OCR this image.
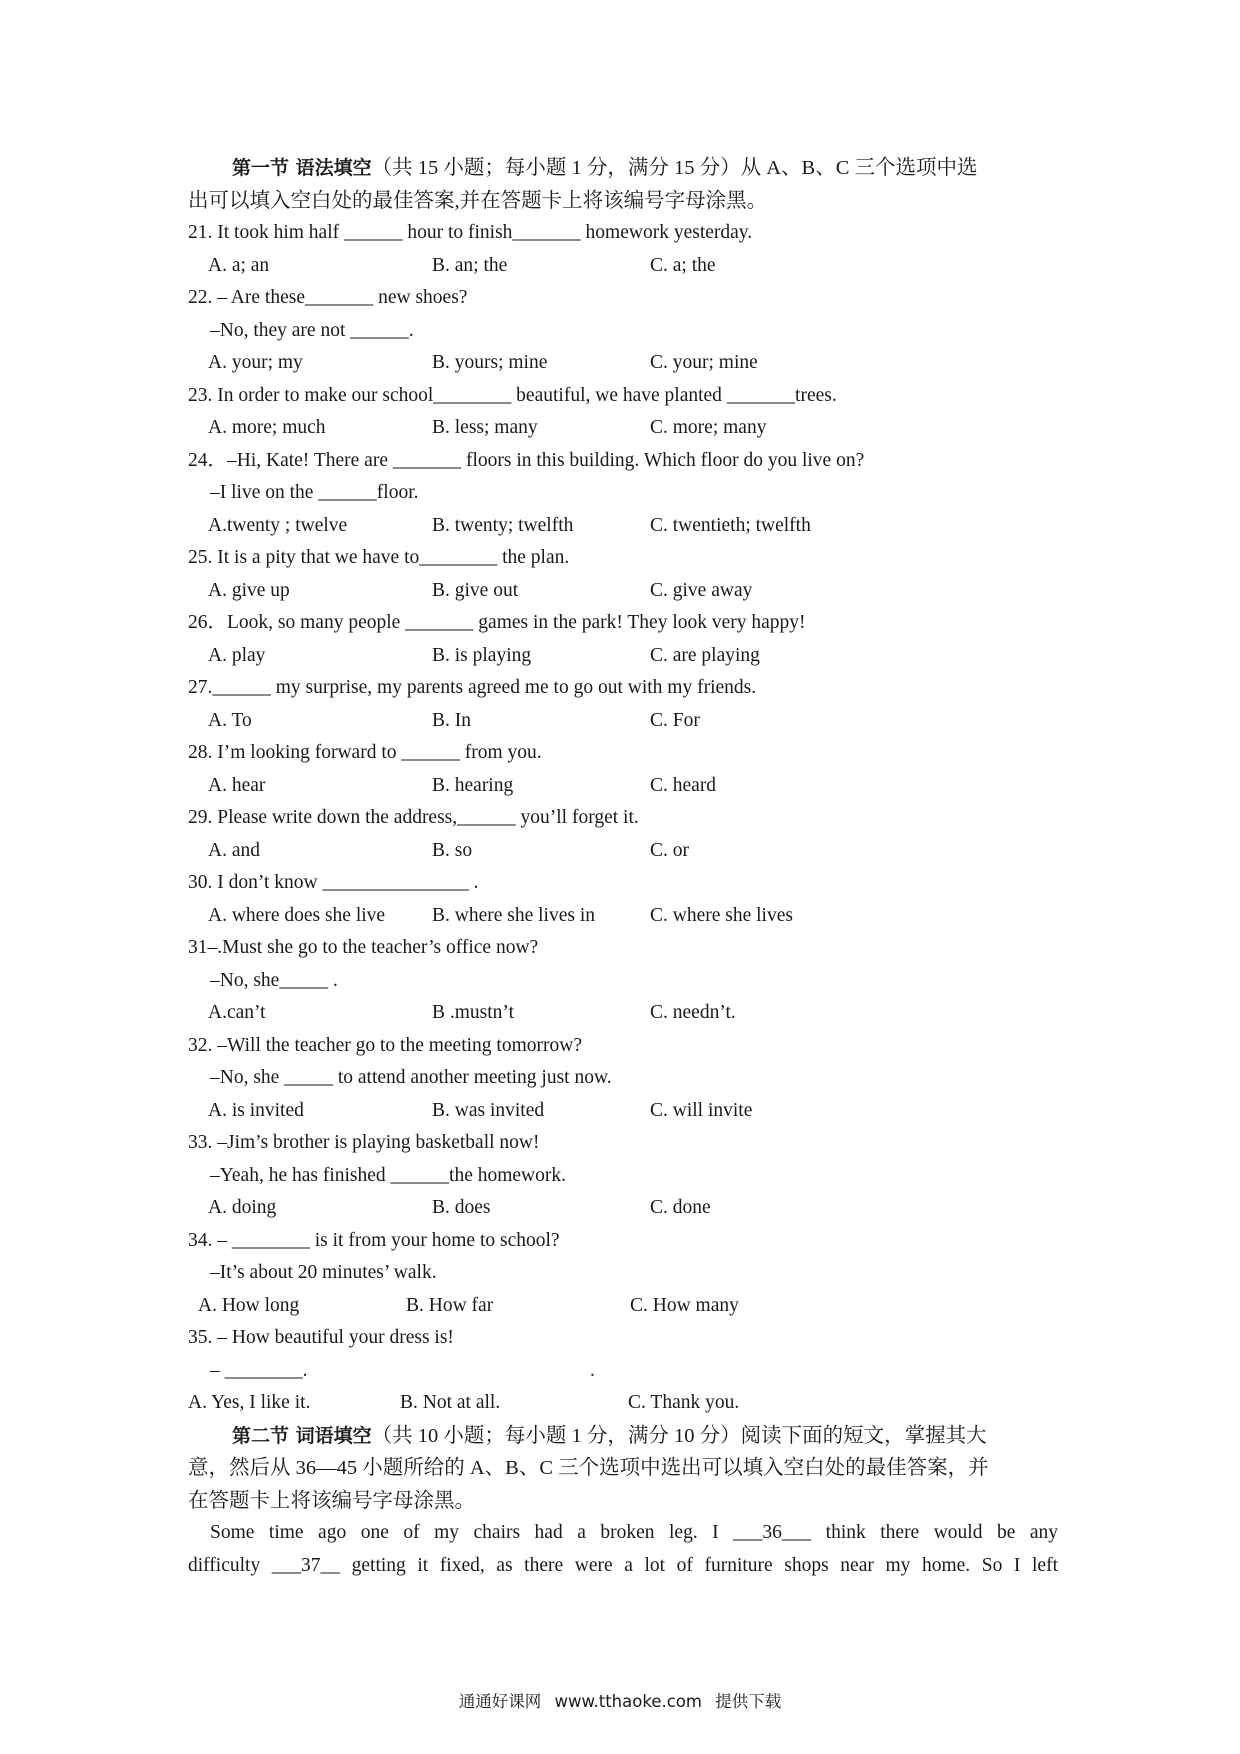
第一节 语法填空（共 15 小题；每小题 1 分，满分 15 分）从 A、B、C 三个选项中选
出可以填入空白处的最佳答案,并在答题卡上将该编号字母涂黑。
21. It took him half ______ hour to finish_______ homework yesterday.
A. a; an	B. an; the	C. a; the
22. – Are these_______ new shoes?
–No, they are not ______.
A. your; my	B. yours; mine	C. your; mine
23. In order to make our school________ beautiful, we have planted _______trees.
A. more; much	B. less; many	C. more; many
24．–Hi, Kate! There are _______ floors in this building. Which floor do you live on?
–I live on the ______floor.
A.twenty ; twelve	B. twenty; twelfth	C. twentieth; twelfth
25. It is a pity that we have to________ the plan.
A. give up	B. give out	C. give away
26．Look, so many people _______ games in the park! They look very happy!
A. play	B. is playing	C. are playing
27.______ my surprise, my parents agreed me to go out with my friends.
A. To	B. In	C. For
28. I’m looking forward to ______ from you.
A. hear	B. hearing	C. heard
29. Please write down the address,______ you’ll forget it.
A. and	B. so	C. or
30. I don’t know _______________ .
A. where does she live B. where she lives in	C. where she lives
31–.Must she go to the teacher’s office now?
–No, she_____ .
A.can’t	B .mustn’t	C. needn’t.
32. –Will the teacher go to the meeting tomorrow?
–No, she _____ to attend another meeting just now.
A. is invited	B. was invited	C. will invite
33. –Jim’s brother is playing basketball now!
–Yeah, he has finished ______the homework.
A. doing	B. does	C. done
34. – ________ is it from your home to school?
–It’s about 20 minutes’ walk.
A. How long	B. How far	C. How many
35. – How beautiful your dress is!
– ________.	.
A. Yes, I like it.	B. Not at all.	C. Thank you.
第二节 词语填空（共 10 小题；每小题 1 分，满分 10 分）阅读下面的短文，掌握其大
意，然后从 36—45 小题所给的 A、B、C 三个选项中选出可以填入空白处的最佳答案，并
在答题卡上将该编号字母涂黑。
Some time ago one of my chairs had a broken leg. I ___36___ think there would be any
difficulty ___37__ getting it fixed, as there were a lot of furniture shops near my home. So I left
通通好课网 www.tthaoke.com 提供下载
